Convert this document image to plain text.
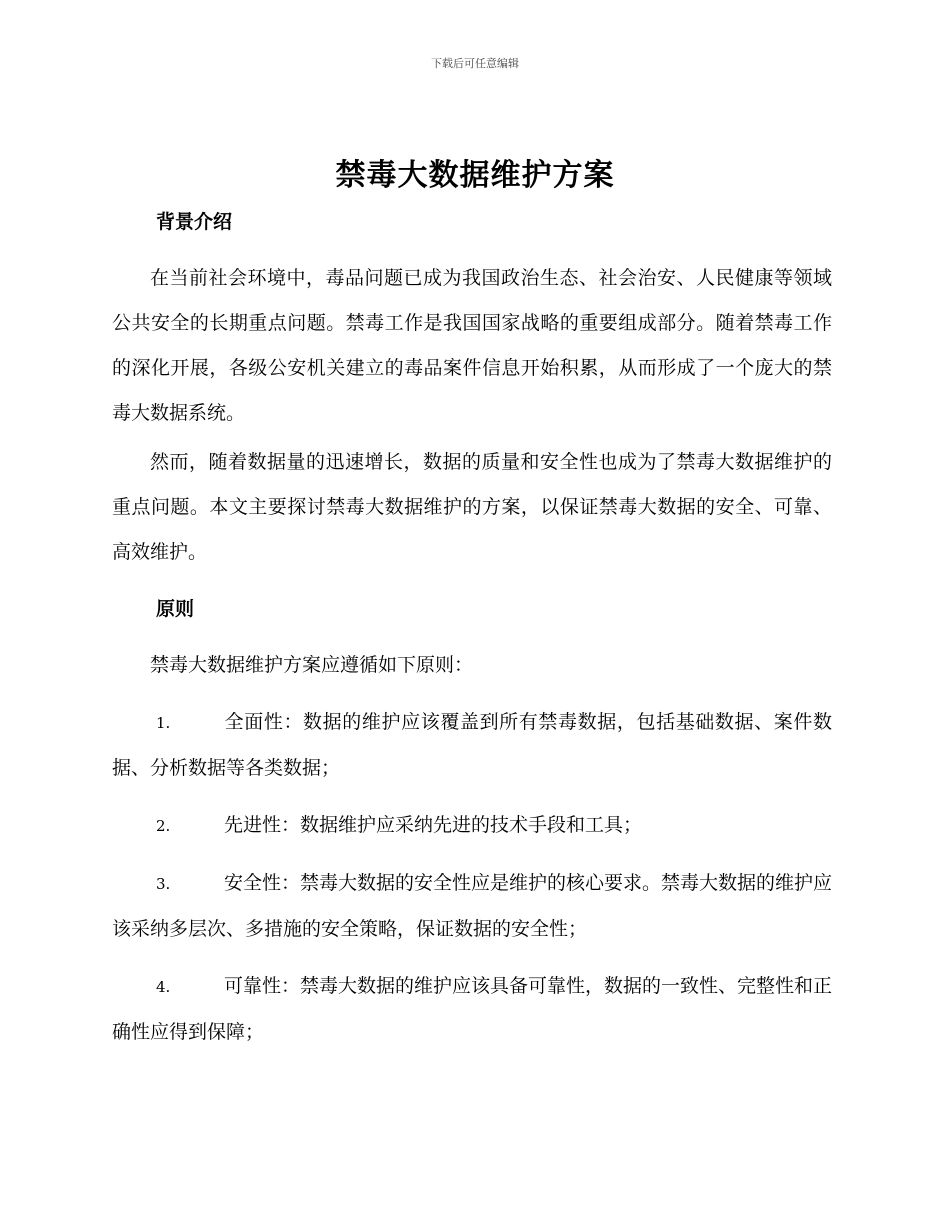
下载后可任意编辑
禁毒大数据维护方案
背景介绍

在当前社会环境中，毒品问题已成为我国政治生态、社会治安、人民健康等领域公共安全的长期重点问题。禁毒工作是我国国家战略的重要组成部分。随着禁毒工作的深化开展，各级公安机关建立的毒品案件信息开始积累，从而形成了一个庞大的禁毒大数据系统。

然而，随着数据量的迅速增长，数据的质量和安全性也成为了禁毒大数据维护的重点问题。本文主要探讨禁毒大数据维护的方案，以保证禁毒大数据的安全、可靠、高效维护。

原则

禁毒大数据维护方案应遵循如下原则：

1.	全面性：数据的维护应该覆盖到所有禁毒数据，包括基础数据、案件数据、分析数据等各类数据；

2.	先进性：数据维护应采纳先进的技术手段和工具；

3.	安全性：禁毒大数据的安全性应是维护的核心要求。禁毒大数据的维护应该采纳多层次、多措施的安全策略，保证数据的安全性；

4.	可靠性：禁毒大数据的维护应该具备可靠性，数据的一致性、完整性和正确性应得到保障；
